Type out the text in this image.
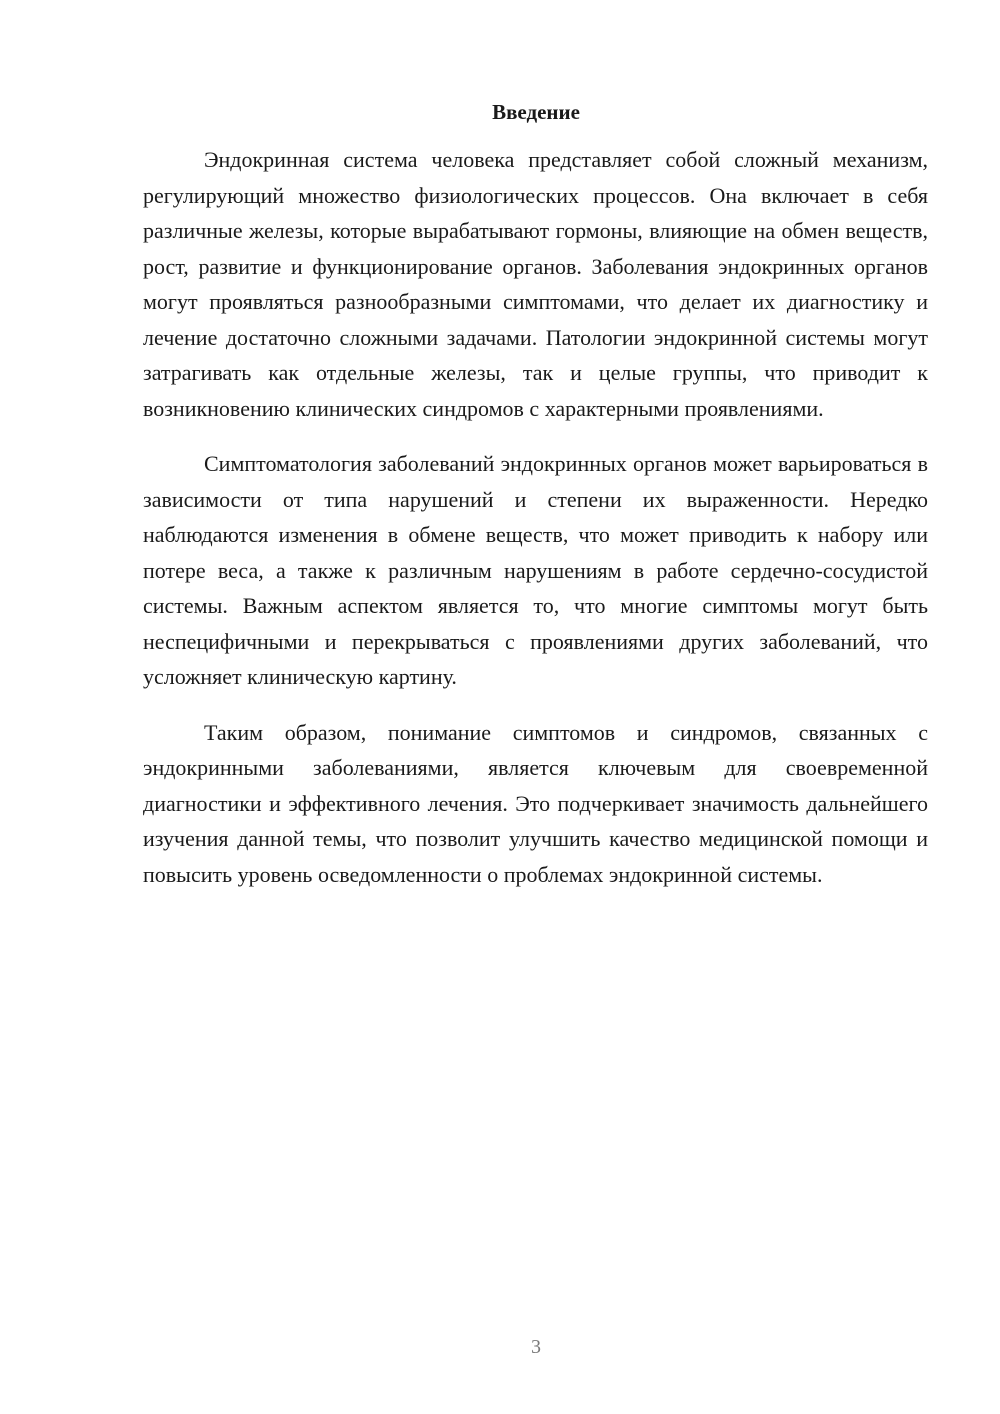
Введение

Эндокринная система человека представляет собой сложный механизм, регулирующий множество физиологических процессов. Она включает в себя различные железы, которые вырабатывают гормоны, влияющие на обмен веществ, рост, развитие и функционирование органов. Заболевания эндокринных органов могут проявляться разнообразными симптомами, что делает их диагностику и лечение достаточно сложными задачами. Патологии эндокринной системы могут затрагивать как отдельные железы, так и целые группы, что приводит к возникновению клинических синдромов с характерными проявлениями.

Симптоматология заболеваний эндокринных органов может варьироваться в зависимости от типа нарушений и степени их выраженности. Нередко наблюдаются изменения в обмене веществ, что может приводить к набору или потере веса, а также к различным нарушениям в работе сердечно-сосудистой системы. Важным аспектом является то, что многие симптомы могут быть неспецифичными и перекрываться с проявлениями других заболеваний, что усложняет клиническую картину.

Таким образом, понимание симптомов и синдромов, связанных с эндокринными заболеваниями, является ключевым для своевременной диагностики и эффективного лечения. Это подчеркивает значимость дальнейшего изучения данной темы, что позволит улучшить качество медицинской помощи и повысить уровень осведомленности о проблемах эндокринной системы.

3
